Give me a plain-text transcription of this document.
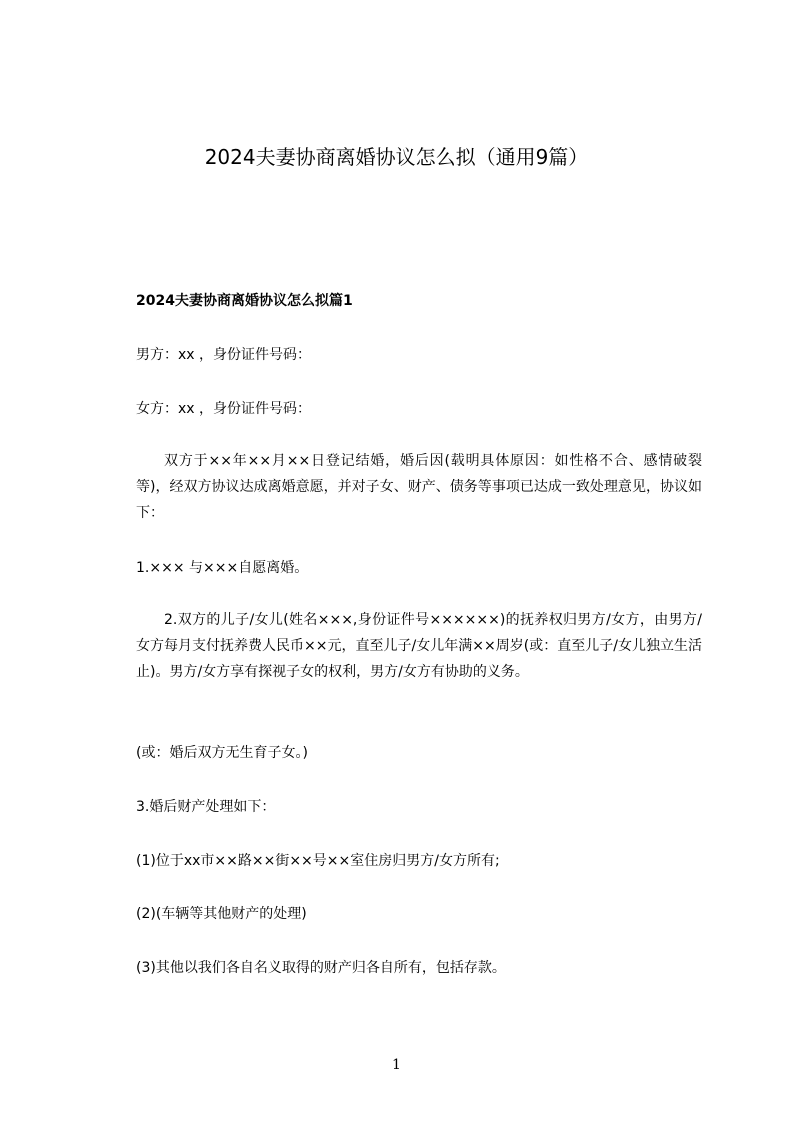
2024夫妻协商离婚协议怎么拟（通用9篇）
2024夫妻协商离婚协议怎么拟篇1

男方：xx ，身份证件号码：

女方：xx ，身份证件号码：

双方于××年××月××日登记结婚，婚后因(载明具体原因：如性格不合、感情破裂等)，经双方协议达成离婚意愿，并对子女、财产、债务等事项已达成一致处理意见，协议如下：

1.××× 与×××自愿离婚。

2.双方的儿子/女儿(姓名×××,身份证件号××××××)的抚养权归男方/女方，由男方/女方每月支付抚养费人民币××元，直至儿子/女儿年满××周岁(或：直至儿子/女儿独立生活止)。男方/女方享有探视子女的权利，男方/女方有协助的义务。

(或：婚后双方无生育子女。)

3.婚后财产处理如下：

(1)位于xx市××路××街××号××室住房归男方/女方所有;

(2)(车辆等其他财产的处理)

(3)其他以我们各自名义取得的财产归各自所有，包括存款。

1
